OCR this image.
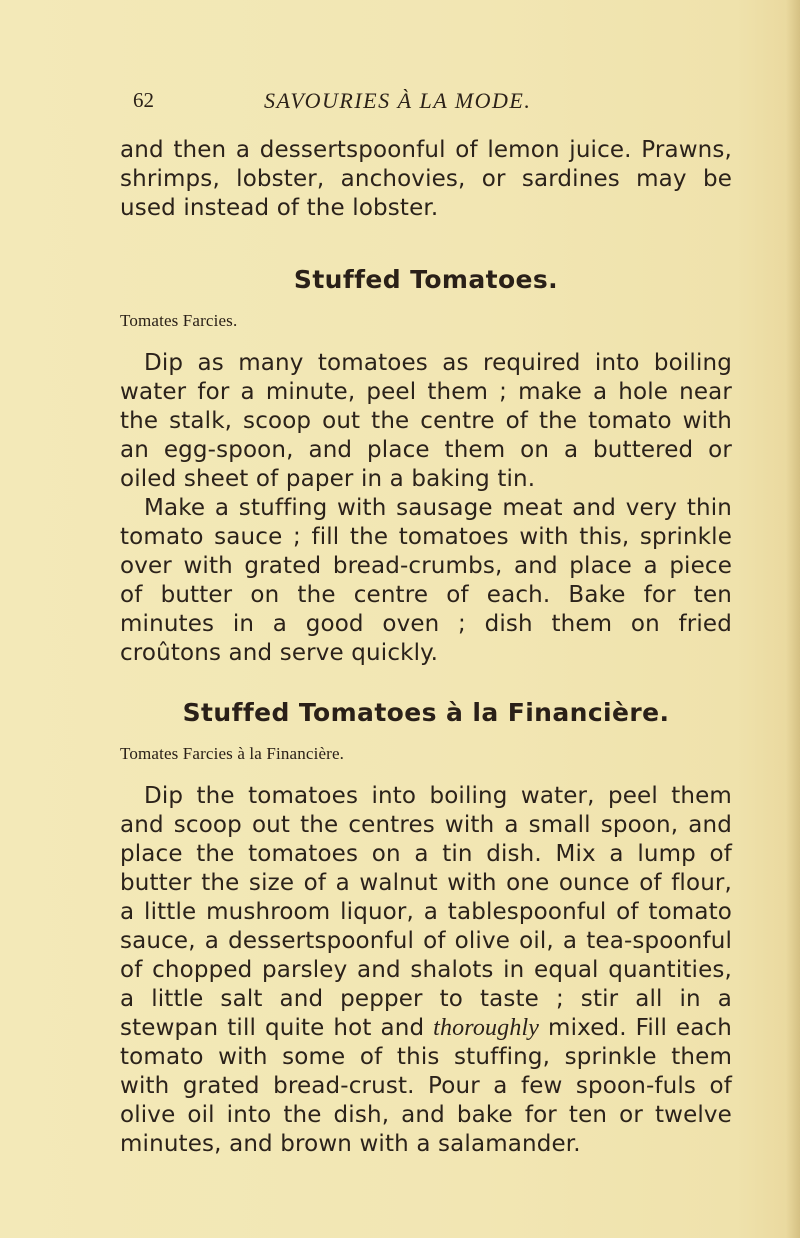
62	SAVOURIES À LA MODE.

and then a dessertspoonful of lemon juice. Prawns, shrimps, lobster, anchovies, or sardines may be used instead of the lobster.

Stuffed Tomatoes.

Tomates Farcies.

Dip as many tomatoes as required into boiling water for a minute, peel them ; make a hole near the stalk, scoop out the centre of the tomato with an egg-spoon, and place them on a buttered or oiled sheet of paper in a baking tin.

Make a stuffing with sausage meat and very thin tomato sauce ; fill the tomatoes with this, sprinkle over with grated bread-crumbs, and place a piece of butter on the centre of each. Bake for ten minutes in a good oven ; dish them on fried croûtons and serve quickly.

Stuffed Tomatoes à la Financière.

Tomates Farcies à la Financière.

Dip the tomatoes into boiling water, peel them and scoop out the centres with a small spoon, and place the tomatoes on a tin dish. Mix a lump of butter the size of a walnut with one ounce of flour, a little mushroom liquor, a tablespoonful of tomato sauce, a dessertspoonful of olive oil, a tea-spoonful of chopped parsley and shalots in equal quantities, a little salt and pepper to taste ; stir all in a stewpan till quite hot and thoroughly mixed. Fill each tomato with some of this stuffing, sprinkle them with grated bread-crust. Pour a few spoon-fuls of olive oil into the dish, and bake for ten or twelve minutes, and brown with a salamander.
